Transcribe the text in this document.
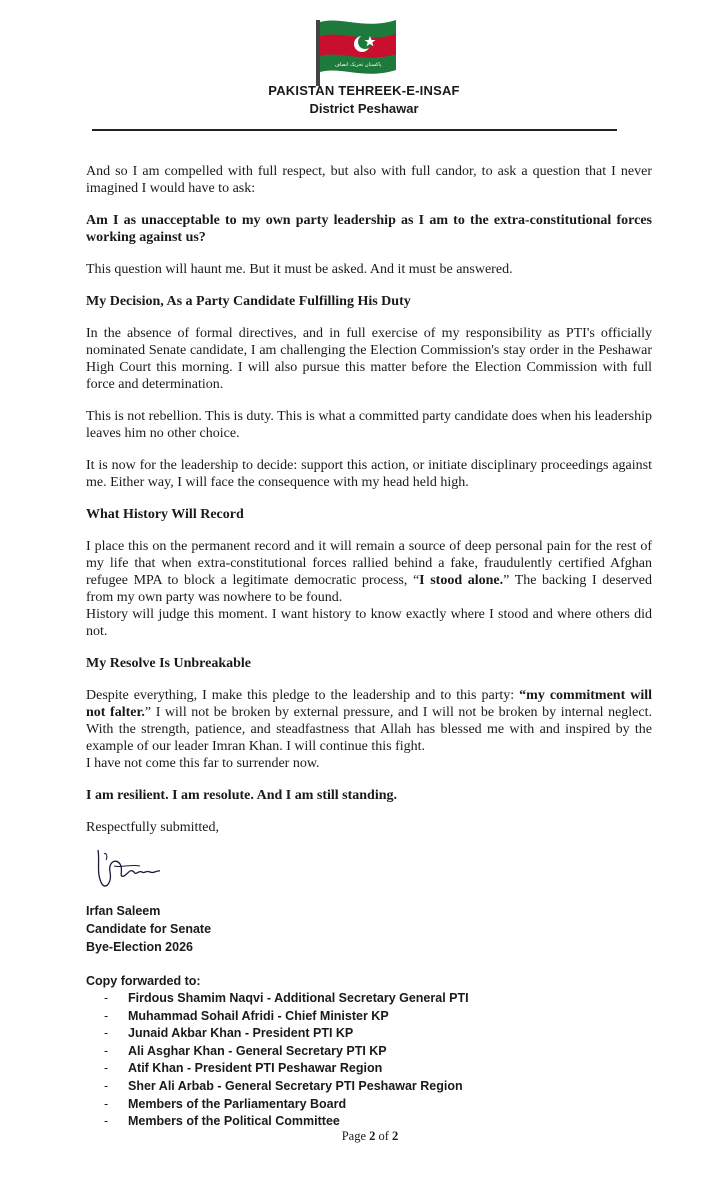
پاکستان تحریک انصاف
PAKISTAN TEHREEK-E-INSAF
District Peshawar

And so I am compelled with full respect, but also with full candor, to ask a question that I never imagined I would have to ask:

Am I as unacceptable to my own party leadership as I am to the extra-constitutional forces working against us?

This question will haunt me. But it must be asked. And it must be answered.

My Decision, As a Party Candidate Fulfilling His Duty

In the absence of formal directives, and in full exercise of my responsibility as PTI's officially nominated Senate candidate, I am challenging the Election Commission's stay order in the Peshawar High Court this morning. I will also pursue this matter before the Election Commission with full force and determination.

This is not rebellion. This is duty. This is what a committed party candidate does when his leadership leaves him no other choice.

It is now for the leadership to decide: support this action, or initiate disciplinary proceedings against me. Either way, I will face the consequence with my head held high.

What History Will Record

I place this on the permanent record and it will remain a source of deep personal pain for the rest of my life that when extra-constitutional forces rallied behind a fake, fraudulently certified Afghan refugee MPA to block a legitimate democratic process, “I stood alone.” The backing I deserved from my own party was nowhere to be found.

History will judge this moment. I want history to know exactly where I stood and where others did not.

My Resolve Is Unbreakable

Despite everything, I make this pledge to the leadership and to this party: “my commitment will not falter.” I will not be broken by external pressure, and I will not be broken by internal neglect. With the strength, patience, and steadfastness that Allah has blessed me with and inspired by the example of our leader Imran Khan. I will continue this fight.

I have not come this far to surrender now.

I am resilient. I am resolute. And I am still standing.

Respectfully submitted,

Irfan Saleem
Candidate for Senate
Bye-Election 2026
Copy forwarded to:
-	Firdous Shamim Naqvi - Additional Secretary General PTI
-	Muhammad Sohail Afridi - Chief Minister KP
-	Junaid Akbar Khan - President PTI KP
-	Ali Asghar Khan - General Secretary PTI KP
-	Atif Khan - President PTI Peshawar Region
-	Sher Ali Arbab - General Secretary PTI Peshawar Region
-	Members of the Parliamentary Board
-	Members of the Political Committee
Page 2 of 2
